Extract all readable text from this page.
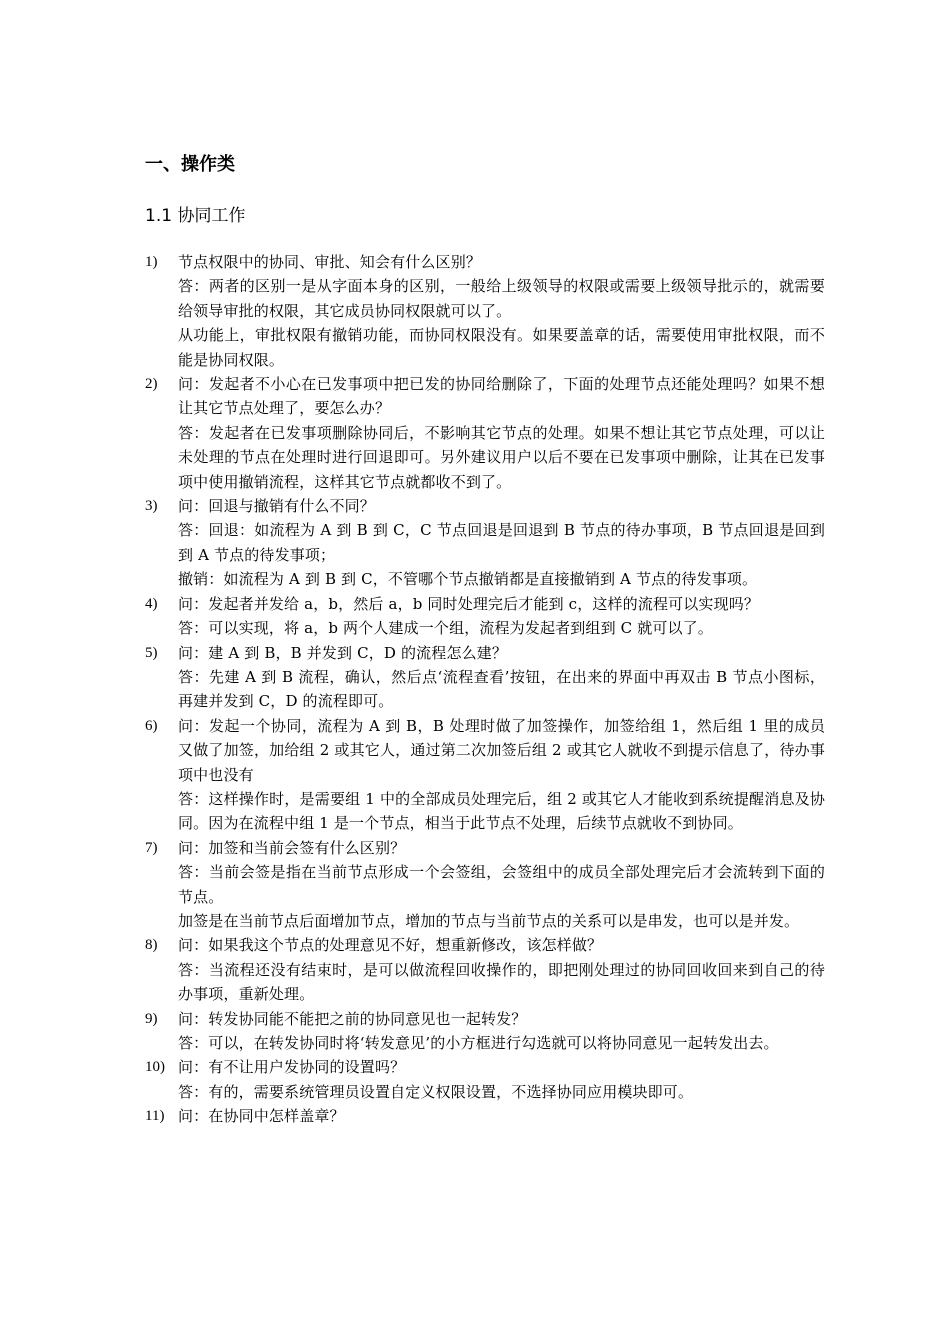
一、操作类
1.1 协同工作
1) 节点权限中的协同、审批、知会有什么区别？

答：两者的区别一是从字面本身的区别，一般给上级领导的权限或需要上级领导批示的，就需要给领导审批的权限，其它成员协同权限就可以了。

从功能上，审批权限有撤销功能，而协同权限没有。如果要盖章的话，需要使用审批权限，而不能是协同权限。

2) 问：发起者不小心在已发事项中把已发的协同给删除了，下面的处理节点还能处理吗？如果不想让其它节点处理了，要怎么办？

答：发起者在已发事项删除协同后，不影响其它节点的处理。如果不想让其它节点处理，可以让未处理的节点在处理时进行回退即可。另外建议用户以后不要在已发事项中删除，让其在已发事项中使用撤销流程，这样其它节点就都收不到了。

3) 问：回退与撤销有什么不同？

答：回退：如流程为 A 到 B 到 C，C 节点回退是回退到 B 节点的待办事项，B 节点回退是回到到 A 节点的待发事项；

撤销：如流程为 A 到 B 到 C，不管哪个节点撤销都是直接撤销到 A 节点的待发事项。

4) 问：发起者并发给 a，b，然后 a，b 同时处理完后才能到 c，这样的流程可以实现吗？

答：可以实现，将 a，b 两个人建成一个组，流程为发起者到组到 C 就可以了。

5) 问：建 A 到 B，B 并发到 C，D 的流程怎么建？

答：先建 A 到 B 流程，确认，然后点‘流程查看’按钮，在出来的界面中再双击 B 节点小图标，再建并发到 C，D 的流程即可。

6) 问：发起一个协同，流程为 A 到 B，B 处理时做了加签操作，加签给组 1，然后组 1 里的成员又做了加签，加给组 2 或其它人，通过第二次加签后组 2 或其它人就收不到提示信息了，待办事项中也没有

答：这样操作时，是需要组 1 中的全部成员处理完后，组 2 或其它人才能收到系统提醒消息及协同。因为在流程中组 1 是一个节点，相当于此节点不处理，后续节点就收不到协同。

7) 问：加签和当前会签有什么区别？

答：当前会签是指在当前节点形成一个会签组，会签组中的成员全部处理完后才会流转到下面的节点。

加签是在当前节点后面增加节点，增加的节点与当前节点的关系可以是串发，也可以是并发。

8) 问：如果我这个节点的处理意见不好，想重新修改，该怎样做？

答：当流程还没有结束时，是可以做流程回收操作的，即把刚处理过的协同回收回来到自己的待办事项，重新处理。

9) 问：转发协同能不能把之前的协同意见也一起转发？

答：可以，在转发协同时将‘转发意见’的小方框进行勾选就可以将协同意见一起转发出去。

10) 问：有不让用户发协同的设置吗？

答：有的，需要系统管理员设置自定义权限设置，不选择协同应用模块即可。

11) 问：在协同中怎样盖章？
